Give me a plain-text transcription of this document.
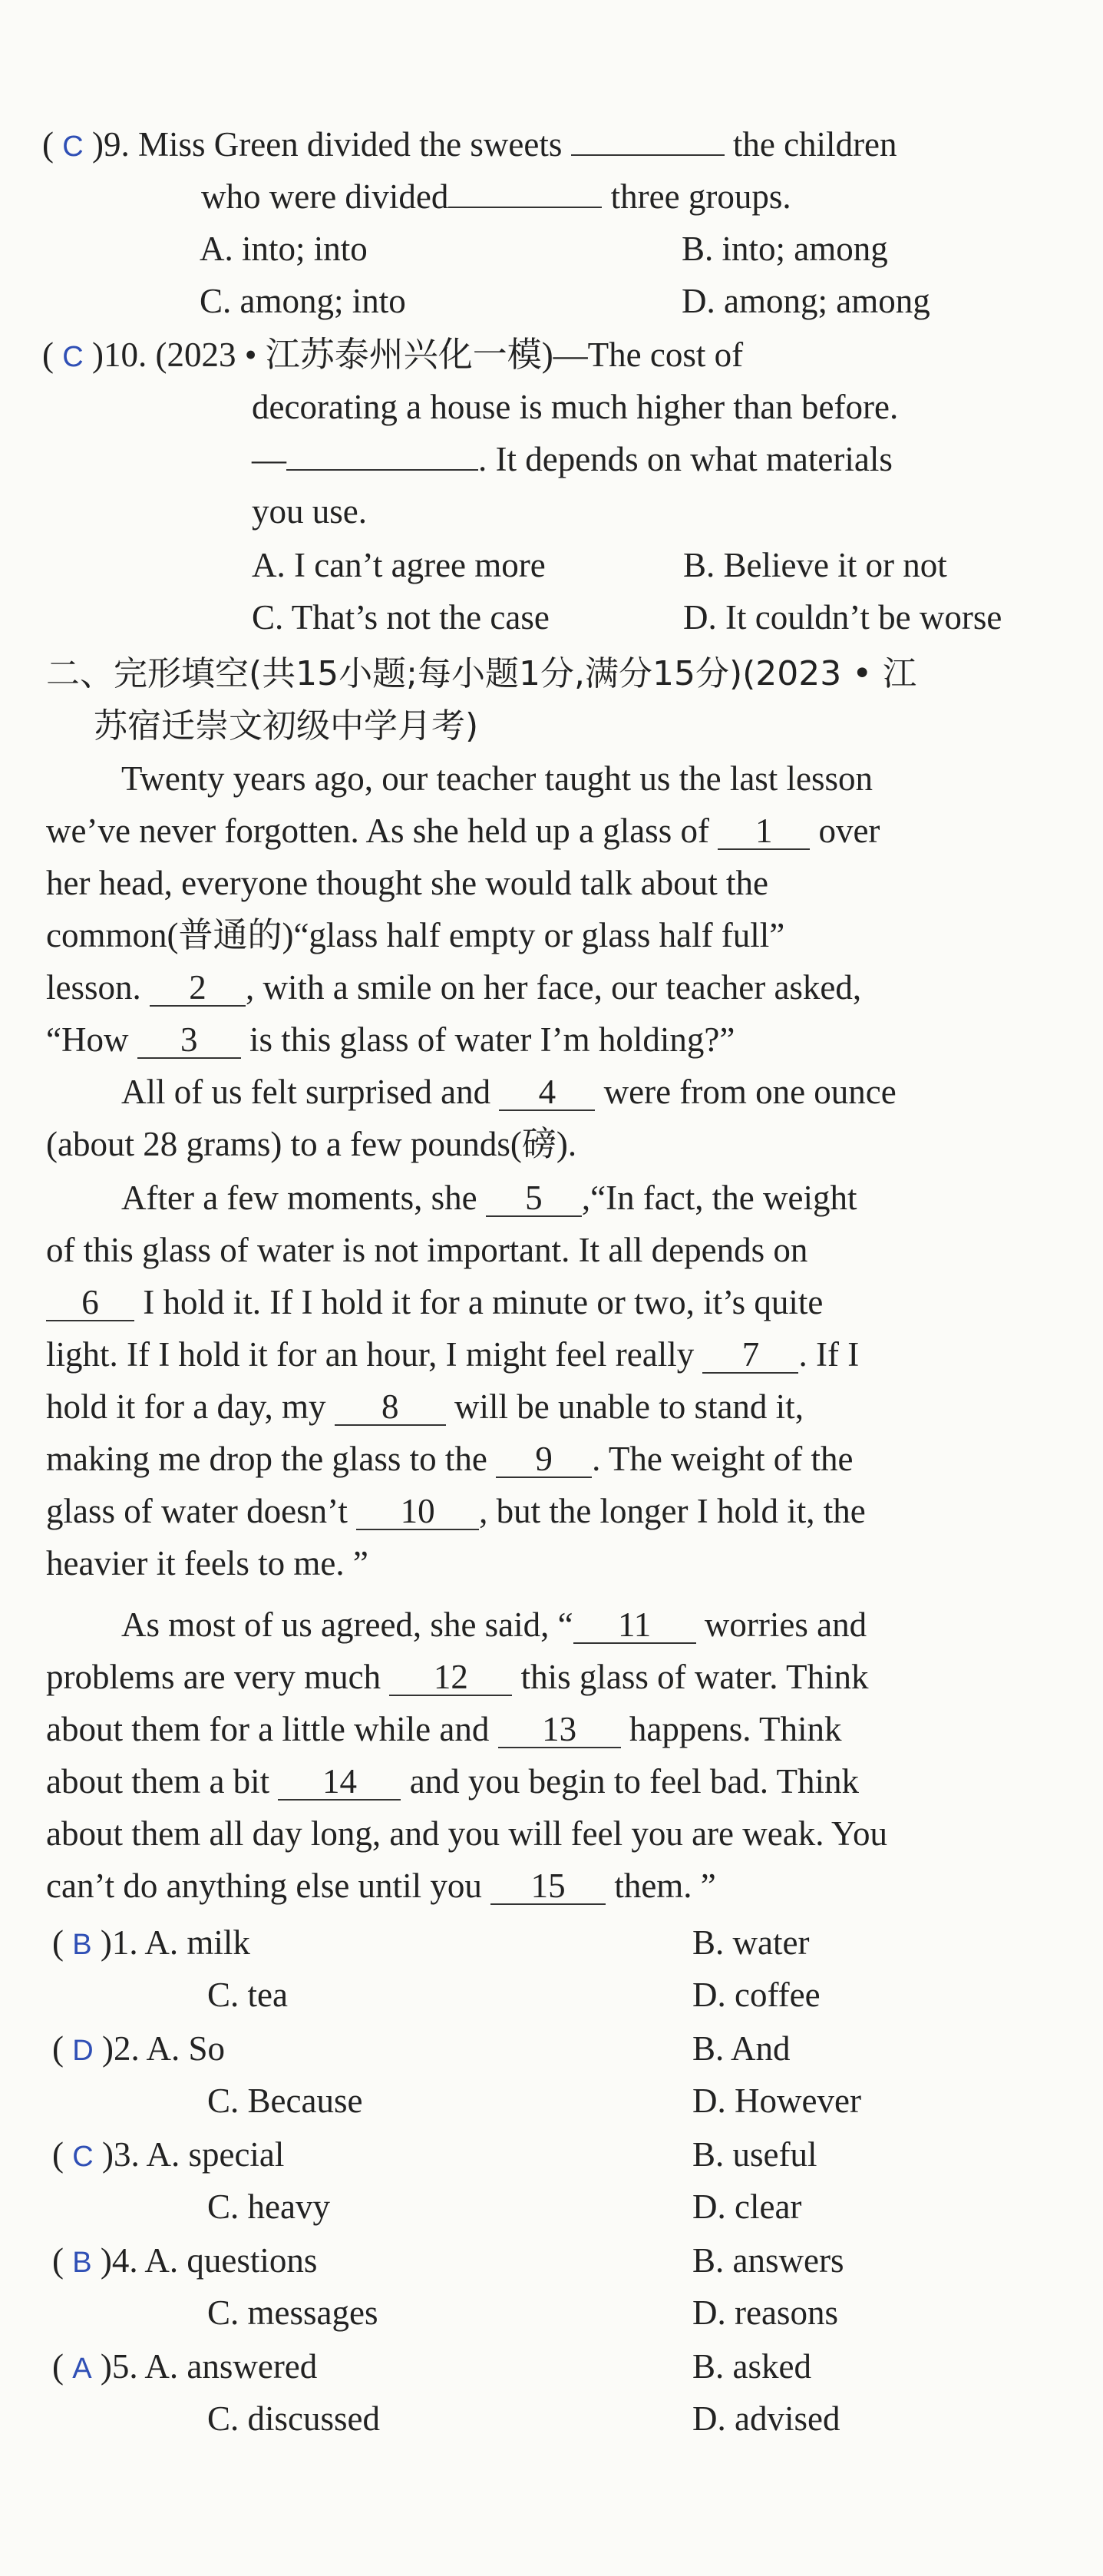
( C )9. Miss Green divided the sweets	the children
who were divided	three groups.
A. into; into	B. into; among
C. among; into	D. among; among
( C )10. (2023 • 江苏泰州兴化一模)—The cost of
decorating a house is much higher than before.
—	. It depends on what materials
you use.
A. I can’t agree more	B. Believe it or not
C. That’s not the case	D. It couldn’t be worse
二、完形填空(共15小题;每小题1分,满分15分)(2023 • 江
苏宿迁崇文初级中学月考)
Twenty years ago, our teacher taught us the last lesson
we’ve never forgotten. As she held up a glass of 1 over
her head, everyone thought she would talk about the
common(普通的)“glass half empty or glass half full”
lesson. 2 , with a smile on her face, our teacher asked,
“How 3 is this glass of water I’m holding?”
All of us felt surprised and 4 were from one ounce
(about 28 grams) to a few pounds(磅).
After a few moments, she 5 ,“In fact, the weight
of this glass of water is not important. It all depends on
6 I hold it. If I hold it for a minute or two, it’s quite
light. If I hold it for an hour, I might feel really 7 . If I
hold it for a day, my 8 will be unable to stand it,
making me drop the glass to the 9 . The weight of the
glass of water doesn’t 10 , but the longer I hold it, the
heavier it feels to me. ”
As most of us agreed, she said, “ 11 worries and
problems are very much 12 this glass of water. Think
about them for a little while and 13 happens. Think
about them a bit 14 and you begin to feel bad. Think
about them all day long, and you will feel you are weak. You
can’t do anything else until you 15 them. ”
( B )1. A. milk	B. water
C. tea	D. coffee
( D )2. A. So	B. And
C. Because	D. However
( C )3. A. special	B. useful
C. heavy	D. clear
( B )4. A. questions	B. answers
C. messages	D. reasons
( A )5. A. answered	B. asked
C. discussed	D. advised
